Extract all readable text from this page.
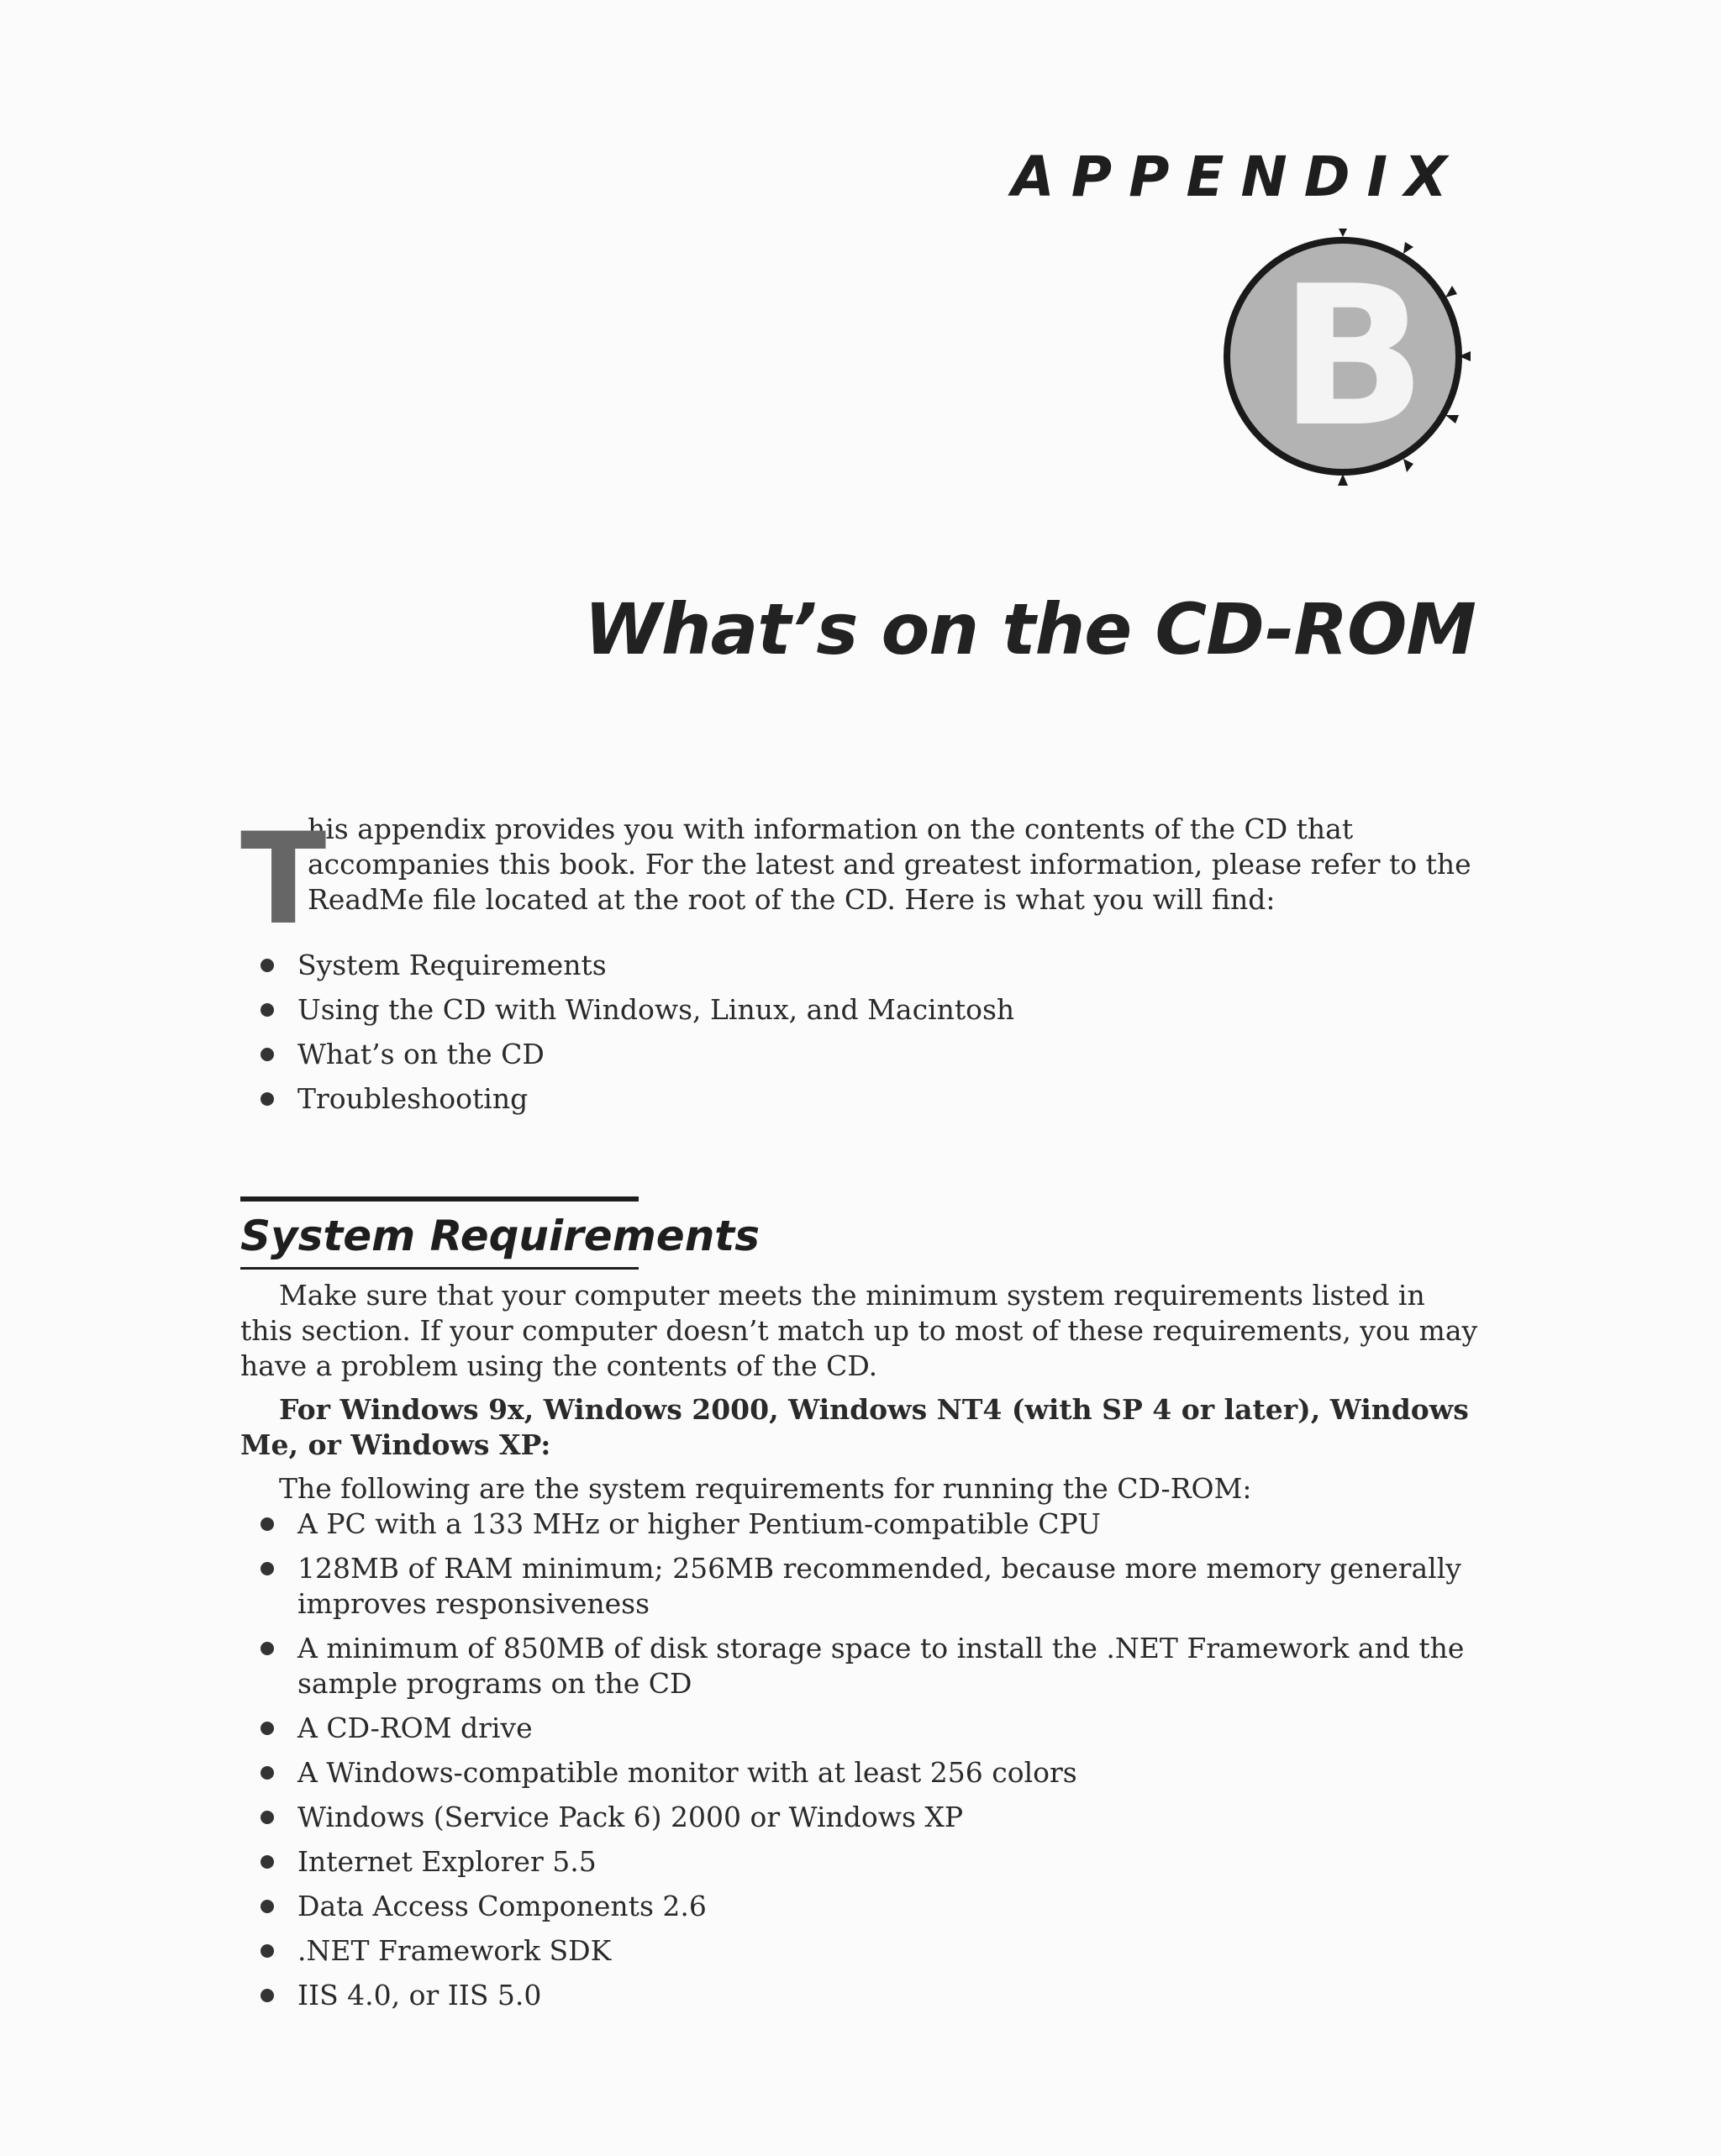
APPENDIX
B
What’s on the CD-ROM
T

his appendix provides you with information on the contents of the CD that accompanies this book. For the latest and greatest information, please refer to the ReadMe file located at the root of the CD. Here is what you will find:

System Requirements
Using the CD with Windows, Linux, and Macintosh
What’s on the CD
Troubleshooting
System Requirements

Make sure that your computer meets the minimum system requirements listed in this section. If your computer doesn’t match up to most of these requirements, you may have a problem using the contents of the CD.

For Windows 9x, Windows 2000, Windows NT4 (with SP 4 or later), Windows Me, or Windows XP:

The following are the system requirements for running the CD-ROM:

A PC with a 133 MHz or higher Pentium-compatible CPU
128MB of RAM minimum; 256MB recommended, because more memory generally improves responsiveness
A minimum of 850MB of disk storage space to install the .NET Framework and the sample programs on the CD
A CD-ROM drive
A Windows-compatible monitor with at least 256 colors
Windows (Service Pack 6) 2000 or Windows XP
Internet Explorer 5.5
Data Access Components 2.6
.NET Framework SDK
IIS 4.0, or IIS 5.0
